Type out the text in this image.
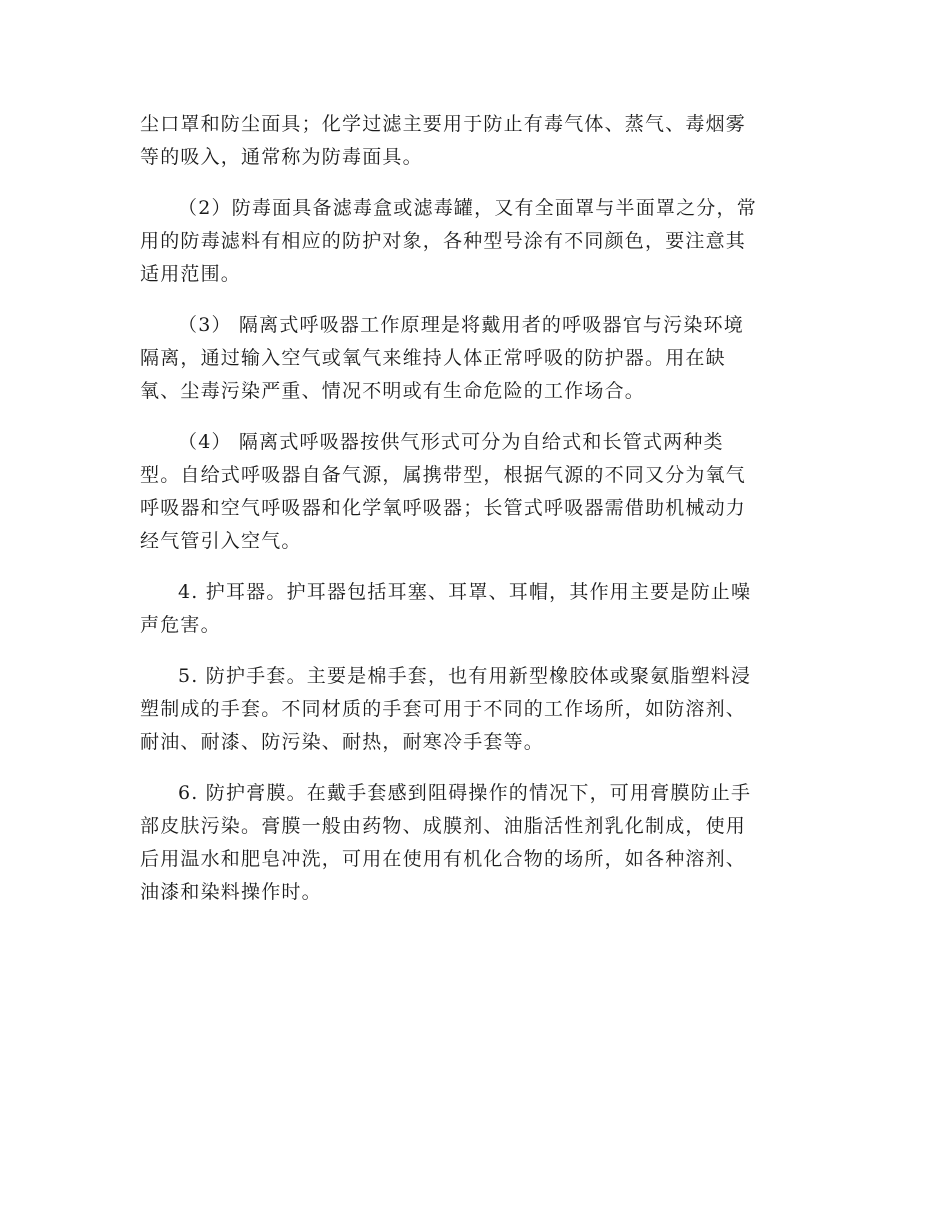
尘口罩和防尘面具；化学过滤主要用于防止有毒气体、蒸气、毒烟雾
等的吸入，通常称为防毒面具。

（2）防毒面具备滤毒盒或滤毒罐，又有全面罩与半面罩之分，常
用的防毒滤料有相应的防护对象，各种型号涂有不同颜色，要注意其
适用范围。

（3） 隔离式呼吸器工作原理是将戴用者的呼吸器官与污染环境
隔离，通过输入空气或氧气来维持人体正常呼吸的防护器。用在缺
氧、尘毒污染严重、情况不明或有生命危险的工作场合。

（4） 隔离式呼吸器按供气形式可分为自给式和长管式两种类
型。自给式呼吸器自备气源，属携带型，根据气源的不同又分为氧气
呼吸器和空气呼吸器和化学氧呼吸器；长管式呼吸器需借助机械动力
经气管引入空气。

4. 护耳器。护耳器包括耳塞、耳罩、耳帽，其作用主要是防止噪
声危害。

5. 防护手套。主要是棉手套，也有用新型橡胶体或聚氨脂塑料浸
塑制成的手套。不同材质的手套可用于不同的工作场所，如防溶剂、
耐油、耐漆、防污染、耐热，耐寒冷手套等。

6. 防护膏膜。在戴手套感到阻碍操作的情况下，可用膏膜防止手
部皮肤污染。膏膜一般由药物、成膜剂、油脂活性剂乳化制成，使用
后用温水和肥皂冲洗，可用在使用有机化合物的场所，如各种溶剂、
油漆和染料操作时。
